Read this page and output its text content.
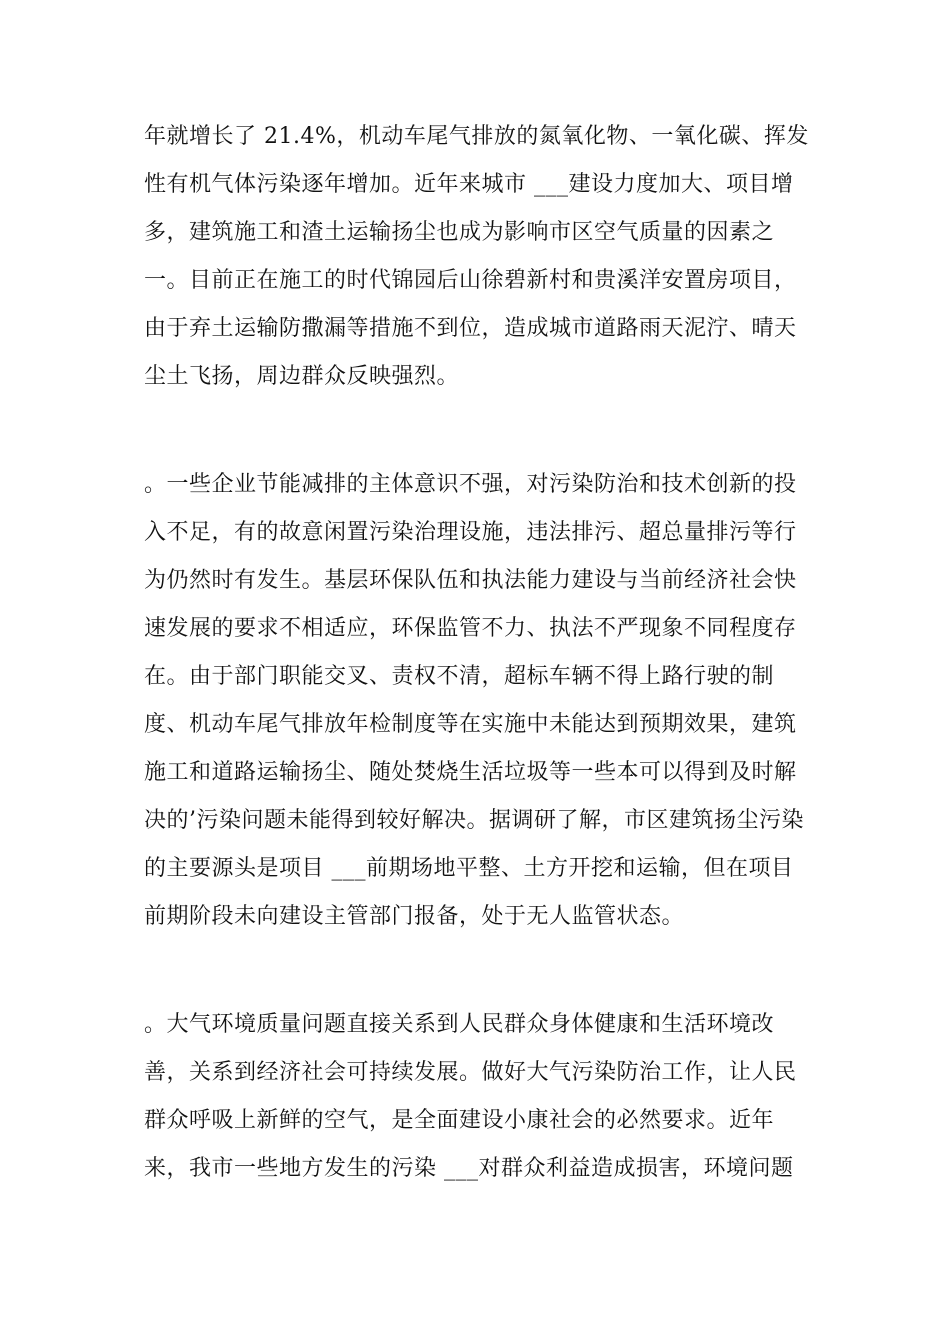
年就增长了 21.4%，机动车尾气排放的氮氧化物、一氧化碳、挥发
性有机气体污染逐年增加。近年来城市 ___建设力度加大、项目增
多，建筑施工和渣土运输扬尘也成为影响市区空气质量的因素之
一。目前正在施工的时代锦园后山徐碧新村和贵溪洋安置房项目，
由于弃土运输防撒漏等措施不到位，造成城市道路雨天泥泞、晴天
尘土飞扬，周边群众反映强烈。
。一些企业节能减排的主体意识不强，对污染防治和技术创新的投
入不足，有的故意闲置污染治理设施，违法排污、超总量排污等行
为仍然时有发生。基层环保队伍和执法能力建设与当前经济社会快
速发展的要求不相适应，环保监管不力、执法不严现象不同程度存
在。由于部门职能交叉、责权不清，超标车辆不得上路行驶的制
度、机动车尾气排放年检制度等在实施中未能达到预期效果，建筑
施工和道路运输扬尘、随处焚烧生活垃圾等一些本可以得到及时解
决的’污染问题未能得到较好解决。据调研了解，市区建筑扬尘污染
的主要源头是项目 ___前期场地平整、土方开挖和运输，但在项目
前期阶段未向建设主管部门报备，处于无人监管状态。
。大气环境质量问题直接关系到人民群众身体健康和生活环境改
善，关系到经济社会可持续发展。做好大气污染防治工作，让人民
群众呼吸上新鲜的空气，是全面建设小康社会的必然要求。近年
来，我市一些地方发生的污染 ___对群众利益造成损害，环境问题
